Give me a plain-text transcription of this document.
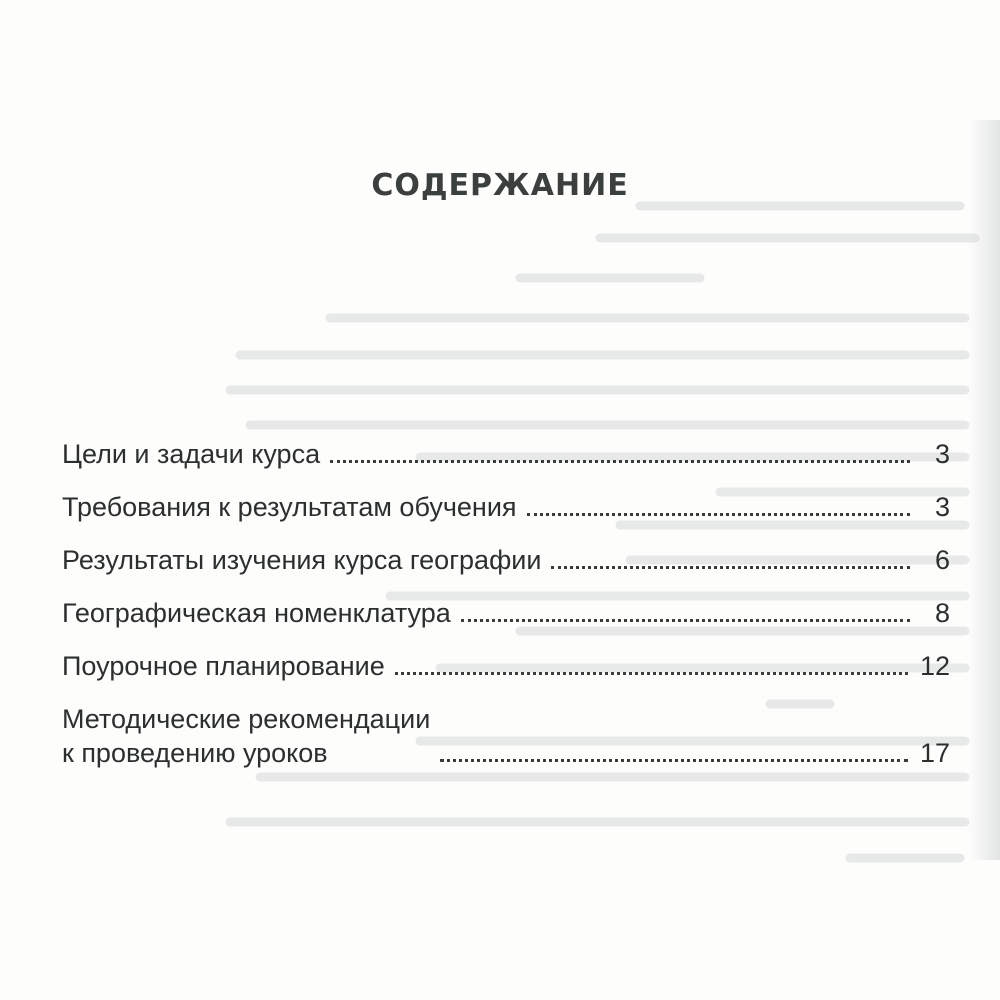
СОДЕРЖАНИЕ
Цели и задачи курса	3
Требования к результатам обучения	3
Результаты изучения курса географии	6
Географическая номенклатура	8
Поурочное планирование	12
Методические рекомендации
к проведению уроков	17
